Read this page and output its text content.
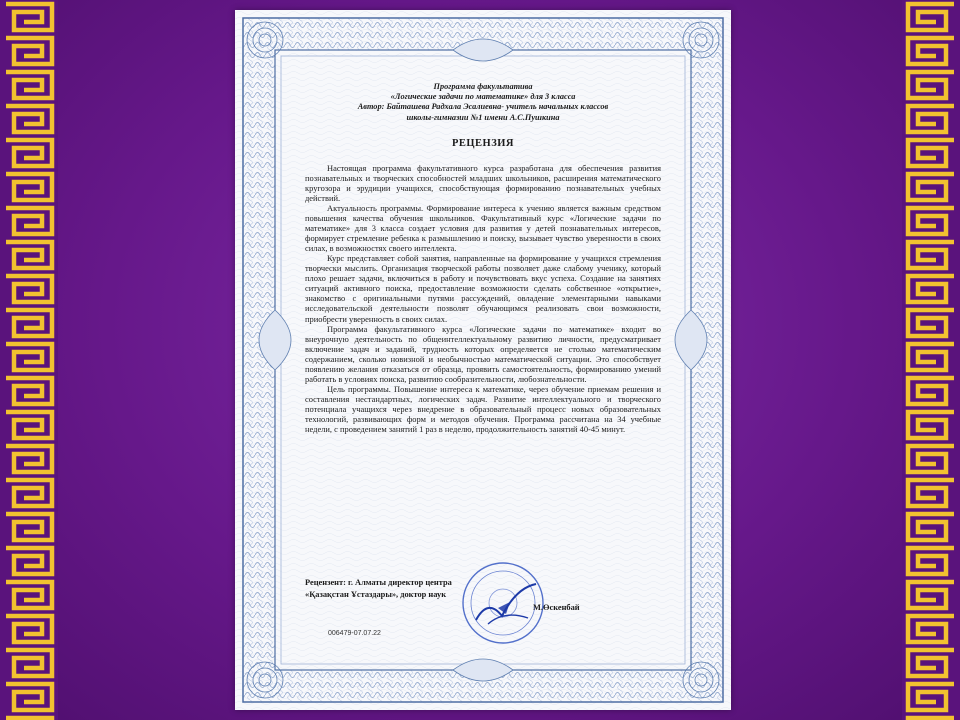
Программа факультатива

«Логические задачи по математике» для 3 класса

Автор: Байташева Радхала Эсалиевна- учитель начальных классов

школы-гимназии №1 имени А.С.Пушкина

РЕЦЕНЗИЯ

Настоящая программа факультативного курса разработана для обеспечения развития познавательных и творческих способностей младших школьников, расширения математического кругозора и эрудиции учащихся, способствующая формированию познавательных учебных действий.

Актуальность программы. Формирование интереса к учению является важным средством повышения качества обучения школьников. Факультативный курс «Логические задачи по математике» для 3 класса создает условия для развития у детей познавательных интересов, формирует стремление ребенка к размышлению и поиску, вызывает чувство уверенности в своих силах, в возможностях своего интеллекта.

Курс представляет собой занятия, направленные на формирование у учащихся стремления творчески мыслить. Организация творческой работы позволяет даже слабому ученику, который плохо решает задачи, включиться в работу и почувствовать вкус успеха. Создание на занятиях ситуаций активного поиска, предоставление возможности сделать собственное «открытие», знакомство с оригинальными путями рассуждений, овладение элементарными навыками исследовательской деятельности позволят обучающимся реализовать свои возможности, приобрести уверенность в своих силах.

Программа факультативного курса «Логические задачи по математике» входит во внеурочную деятельность по общеинтеллектуальному развитию личности, предусматривает включение задач и заданий, трудность которых определяется не столько математическим содержанием, сколько новизной и необычностью математической ситуации. Это способствует появлению желания отказаться от образца, проявить самостоятельность, формированию умений работать в условиях поиска, развитию сообразительности, любознательности.

Цель программы. Повышение интереса к математике, через обучение приемам решения и составления нестандартных, логических задач. Развитие интеллектуального и творческого потенциала учащихся через внедрение в образовательный процесс новых образовательных технологий, развивающих форм и методов обучения. Программа рассчитана на 34 учебные недели, с проведением занятий 1 раз в неделю, продолжительность занятий 40-45 минут.

Рецензент: г. Алматы директор центра
«Қазақстан Ұстаздары», доктор наук
М.Өскенбай
006479-07.07.22
